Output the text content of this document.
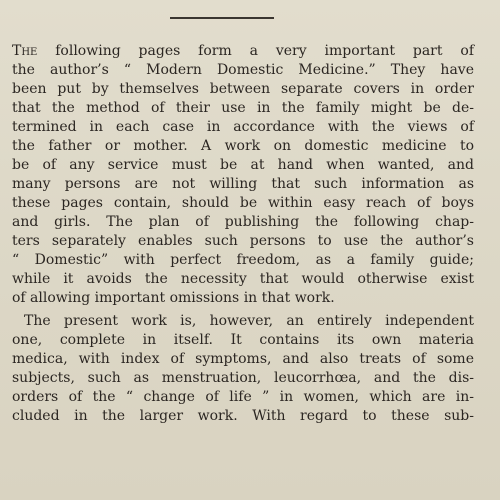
The following pages form a very important part of
the author’s “ Modern Domestic Medicine.” They have
been put by themselves between separate covers in order
that the method of their use in the family might be de-
termined in each case in accordance with the views of
the father or mother. A work on domestic medicine to
be of any service must be at hand when wanted, and
many persons are not willing that such information as
these pages contain, should be within easy reach of boys
and girls. The plan of publishing the following chap-
ters separately enables such persons to use the author’s
“ Domestic” with perfect freedom, as a family guide;
while it avoids the necessity that would otherwise exist
of allowing important omissions in that work.
The present work is, however, an entirely independent
one, complete in itself. It contains its own materia
medica, with index of symptoms, and also treats of some
subjects, such as menstruation, leucorrhœa, and the dis-
orders of the “ change of life ” in women, which are in-
cluded in the larger work. With regard to these sub-
